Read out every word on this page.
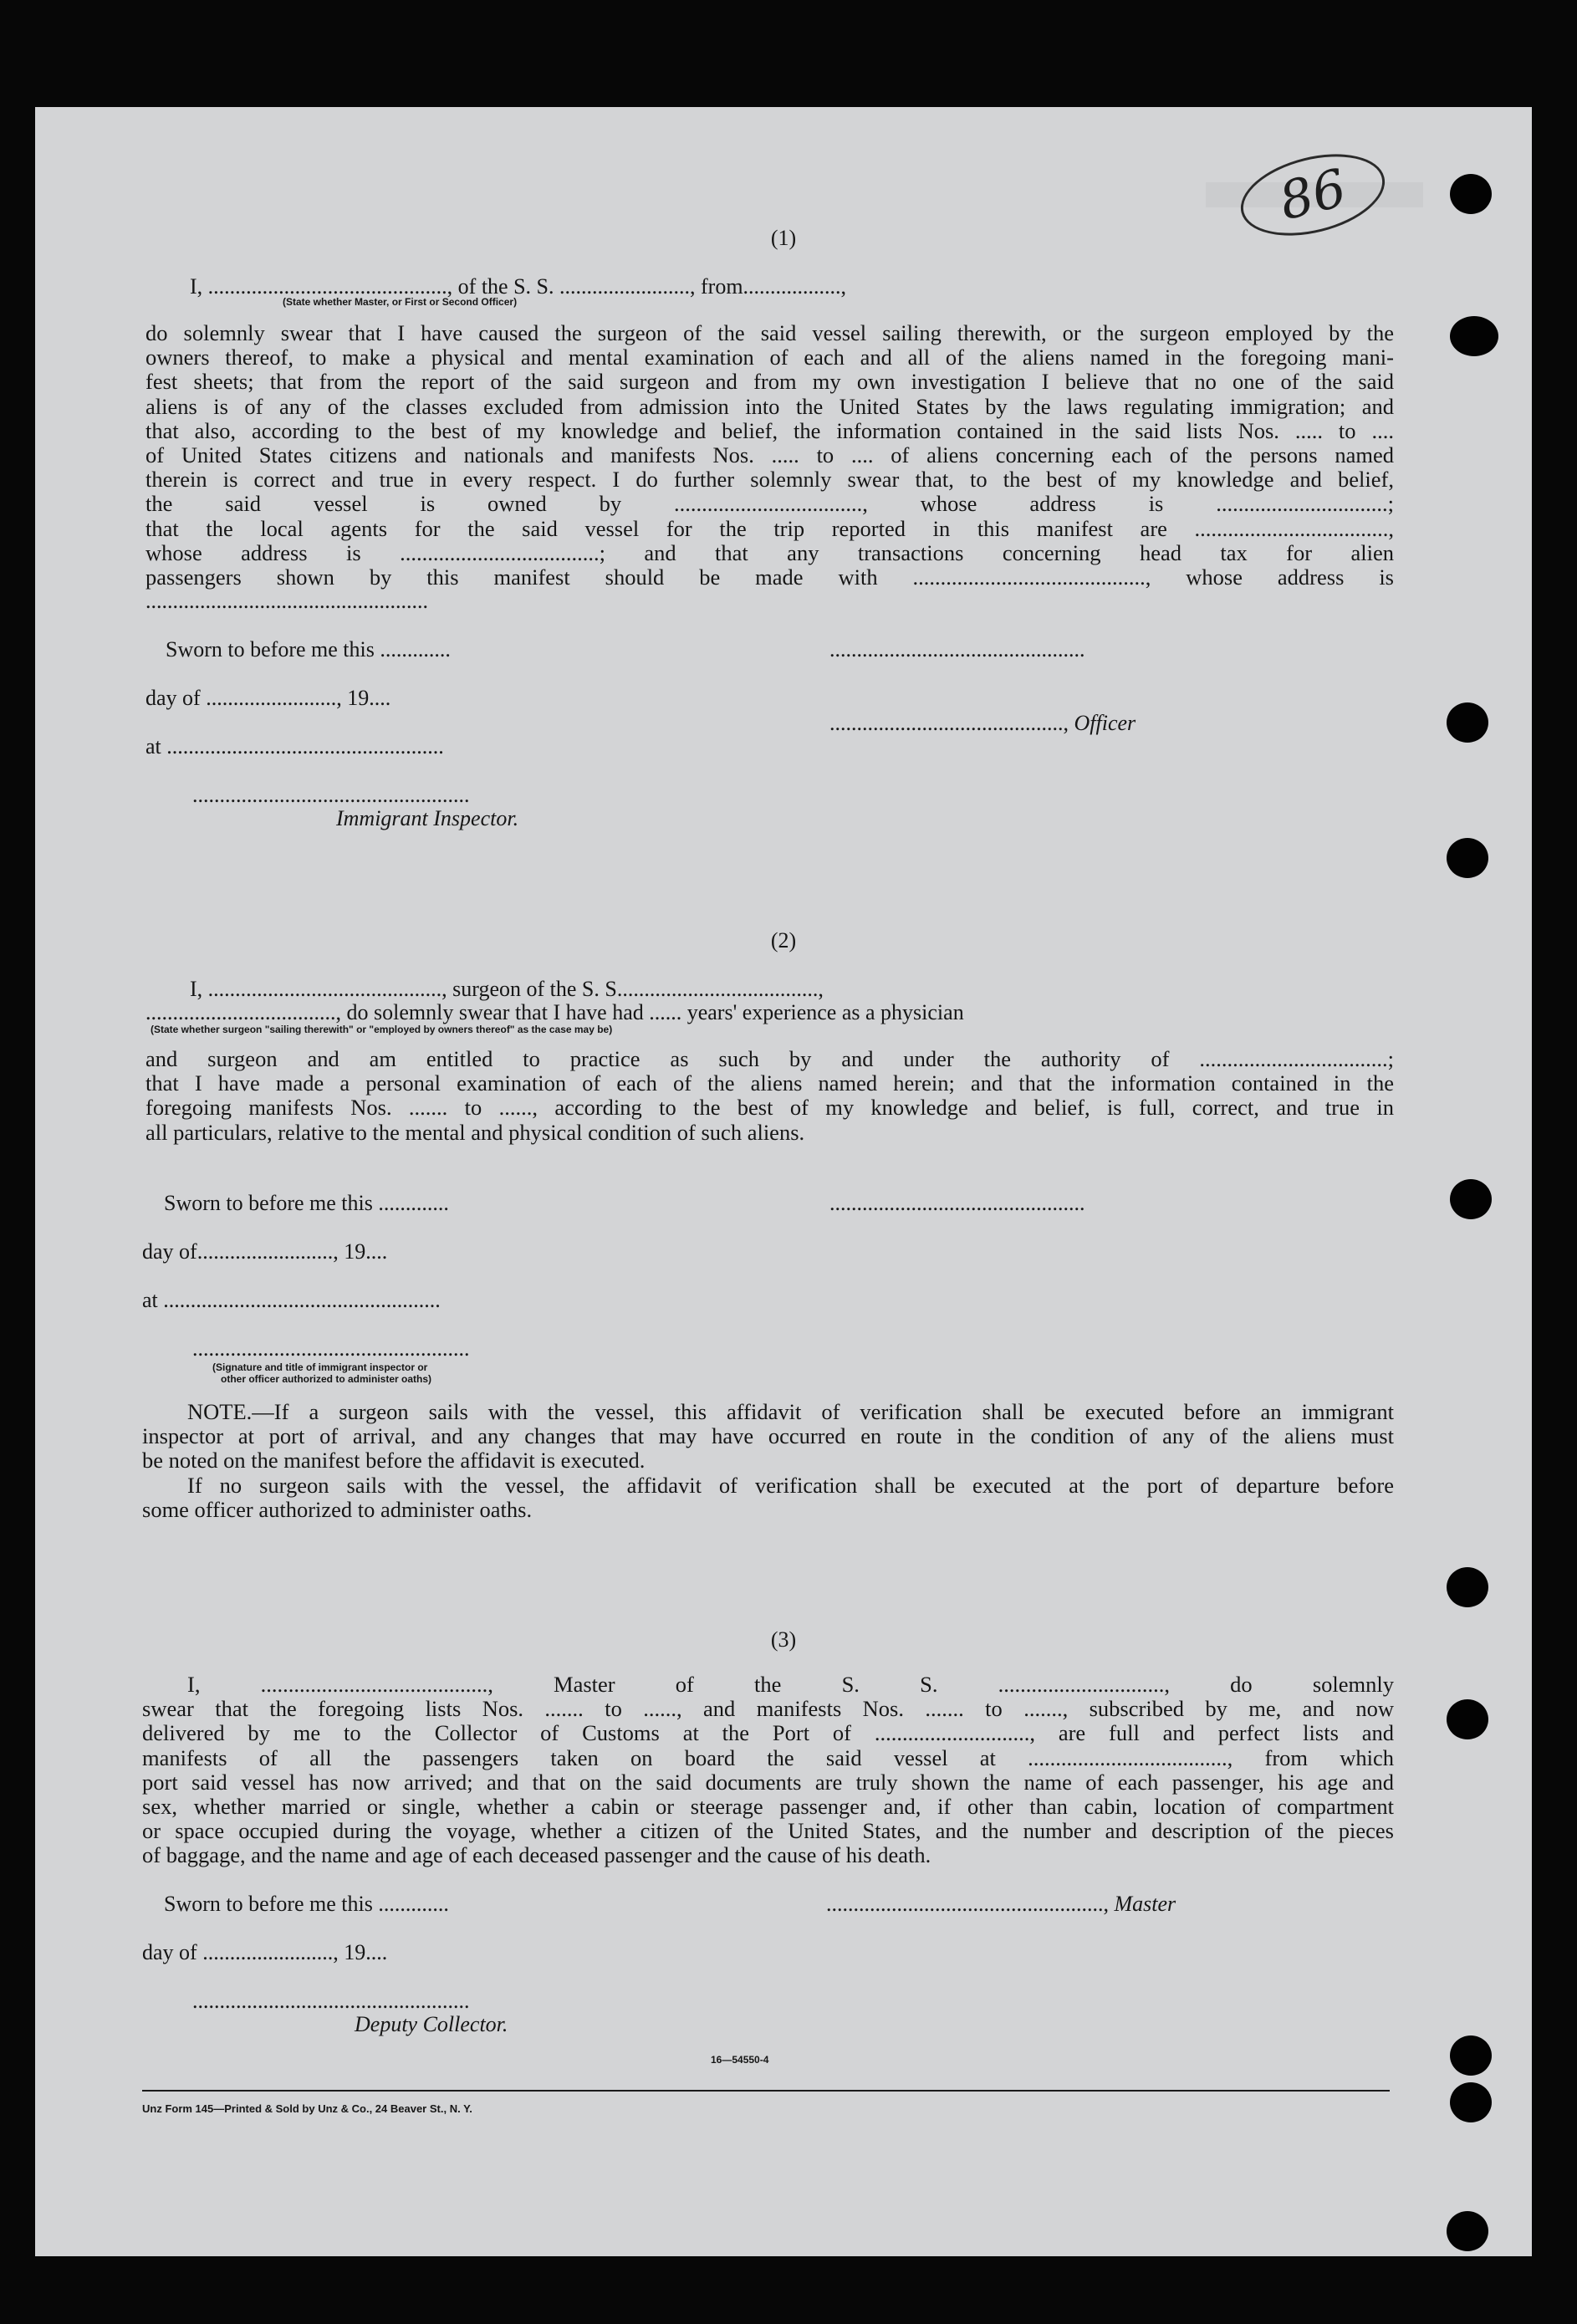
86
(1)
I, ............................................, of the S. S. ........................, from..................,
(State whether Master, or First or Second Officer)
do solemnly swear that I have caused the surgeon of the said vessel sailing therewith, or the surgeon employed by the
owners thereof, to make a physical and mental examination of each and all of the aliens named in the foregoing mani-
fest sheets; that from the report of the said surgeon and from my own investigation I believe that no one of the said
aliens is of any of the classes excluded from admission into the United States by the laws regulating immigration; and
that also, according to the best of my knowledge and belief, the information contained in the said lists Nos. ..... to ....
of United States citizens and nationals and manifests Nos. ..... to .... of aliens concerning each of the persons named
therein is correct and true in every respect. I do further solemnly swear that, to the best of my knowledge and belief,
the said vessel is owned by .................................., whose address is ...............................;
that the local agents for the said vessel for the trip reported in this manifest are ...................................,
whose address is ....................................; and that any transactions concerning head tax for alien
passengers shown by this manifest should be made with .........................................., whose address is
....................................................
Sworn to before me this .............
day of ........................, 19....
at ...................................................
...................................................
Immigrant Inspector.
...............................................
..........................................., Officer
(2)
I, ..........................................., surgeon of the S. S.....................................,
..................................., do solemnly swear that I have had ...... years' experience as a physician
(State whether surgeon "sailing therewith" or "employed by owners thereof" as the case may be)
and surgeon and am entitled to practice as such by and under the authority of ..................................;
that I have made a personal examination of each of the aliens named herein; and that the information contained in the
foregoing manifests Nos. ....... to ......, according to the best of my knowledge and belief, is full, correct, and true in
all particulars, relative to the mental and physical condition of such aliens.
Sworn to before me this .............
day of........................., 19....
at ...................................................
...................................................
(Signature and title of immigrant inspector or
other officer authorized to administer oaths)
...............................................
NOTE.—If a surgeon sails with the vessel, this affidavit of verification shall be executed before an immigrant
inspector at port of arrival, and any changes that may have occurred en route in the condition of any of the aliens must
be noted on the manifest before the affidavit is executed.
If no surgeon sails with the vessel, the affidavit of verification shall be executed at the port of departure before
some officer authorized to administer oaths.
(3)
I, ........................................., Master of the S. S. .............................., do solemnly
swear that the foregoing lists Nos. ....... to ......, and manifests Nos. ....... to ......., subscribed by me, and now
delivered by me to the Collector of Customs at the Port of ............................, are full and perfect lists and
manifests of all the passengers taken on board the said vessel at ...................................., from which
port said vessel has now arrived; and that on the said documents are truly shown the name of each passenger, his age and
sex, whether married or single, whether a cabin or steerage passenger and, if other than cabin, location of compartment
or space occupied during the voyage, whether a citizen of the United States, and the number and description of the pieces
of baggage, and the name and age of each deceased passenger and the cause of his death.
Sworn to before me this .............
day of ........................, 19....
...................................................
Deputy Collector.
..................................................., Master
16—54550-4
Unz Form 145—Printed & Sold by Unz & Co., 24 Beaver St., N. Y.
